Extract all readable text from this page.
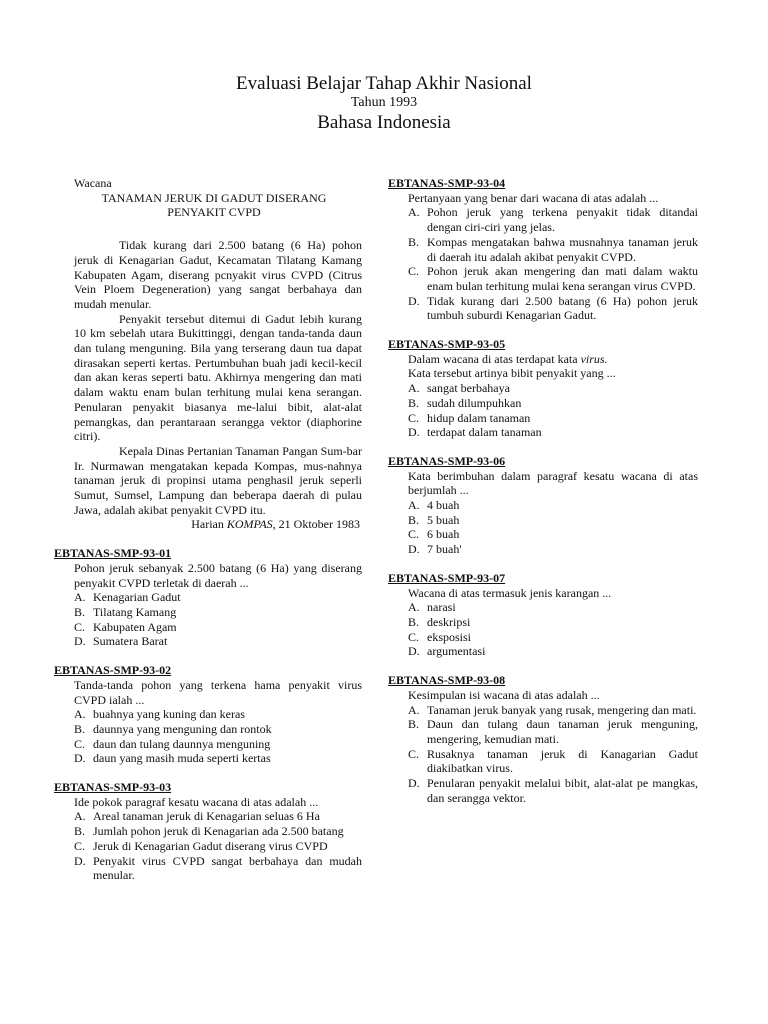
Evaluasi Belajar Tahap Akhir Nasional
Tahun 1993
Bahasa Indonesia
Wacana
TANAMAN JERUK DI GADUT DISERANG PENYAKIT CVPD

Tidak kurang dari 2.500 batang (6 Ha) pohon jeruk di Kenagarian Gadut, Kecamatan Tilatang Kamang Kabupaten Agam, diserang pcnyakit virus CVPD (Citrus Vein Ploem Degeneration) yang sangat berbahaya dan mudah menular.

Penyakit tersebut ditemui di Gadut lebih kurang 10 km sebelah utara Bukittinggi, dengan tanda-tanda daun dan tulang menguning. Bila yang terserang daun tua dapat dirasakan seperti kertas. Pertumbuhan buah jadi kecil-kecil dan akan keras seperti batu. Akhirnya mengering dan mati dalam waktu enam bulan terhitung mulai kena serangan. Penularan penyakit biasanya me-lalui bibit, alat-alat pemangkas, dan perantaraan serangga vektor (diaphorine citri).

Kepala Dinas Pertanian Tanaman Pangan Sum-bar Ir. Nurmawan mengatakan kepada Kompas, mus-nahnya tanaman jeruk di propinsi utama penghasil jeruk seperli Sumut, Sumsel, Lampung dan beberapa daerah di pulau Jawa, adalah akibat penyakit CVPD itu.

Harian KOMPAS, 21 Oktober 1983
EBTANAS-SMP-93-01
Pohon jeruk sebanyak 2.500 batang (6 Ha) yang diserang penyakit CVPD terletak di daerah ...
A. Kenagarian Gadut
B. Tilatang Kamang
C. Kabupaten Agam
D. Sumatera Barat
EBTANAS-SMP-93-02
Tanda-tanda pohon yang terkena hama penyakit virus CVPD ialah ...
A. buahnya yang kuning dan keras
B. daunnya yang menguning dan rontok
C. daun dan tulang daunnya menguning
D. daun yang masih muda seperti kertas
EBTANAS-SMP-93-03
Ide pokok paragraf kesatu wacana di atas adalah ...
A. Areal tanaman jeruk di Kenagarian seluas 6 Ha
B. Jumlah pohon jeruk di Kenagarian ada 2.500 batang
C. Jeruk di Kenagarian Gadut diserang virus CVPD
D. Penyakit virus CVPD sangat berbahaya dan mudah menular.
EBTANAS-SMP-93-04
Pertanyaan yang benar dari wacana di atas adalah ...
A. Pohon jeruk yang terkena penyakit tidak ditandai dengan ciri-ciri yang jelas.
B. Kompas mengatakan bahwa musnahnya tanaman jeruk di daerah itu adalah akibat penyakit CVPD.
C. Pohon jeruk akan mengering dan mati dalam waktu enam bulan terhitung mulai kena serangan virus CVPD.
D. Tidak kurang dari 2.500 batang (6 Ha) pohon jeruk tumbuh suburdi Kenagarian Gadut.
EBTANAS-SMP-93-05
Dalam wacana di atas terdapat kata virus.
Kata tersebut artinya bibit penyakit yang ...
A. sangat berbahaya
B. sudah dilumpuhkan
C. hidup dalam tanaman
D. terdapat dalam tanaman
EBTANAS-SMP-93-06
Kata berimbuhan dalam paragraf kesatu wacana di atas berjumlah ...
A. 4 buah
B. 5 buah
C. 6 buah
D. 7 buah'
EBTANAS-SMP-93-07
Wacana di atas termasuk jenis karangan ...
A. narasi
B. deskripsi
C. eksposisi
D. argumentasi
EBTANAS-SMP-93-08
Kesimpulan isi wacana di atas adalah ...
A. Tanaman jeruk banyak yang rusak, mengering dan mati.
B. Daun dan tulang daun tanaman jeruk menguning, mengering, kemudian mati.
C. Rusaknya tanaman jeruk di Kanagarian Gadut diakibatkan virus.
D. Penularan penyakit melalui bibit, alat-alat pe mangkas, dan serangga vektor.
